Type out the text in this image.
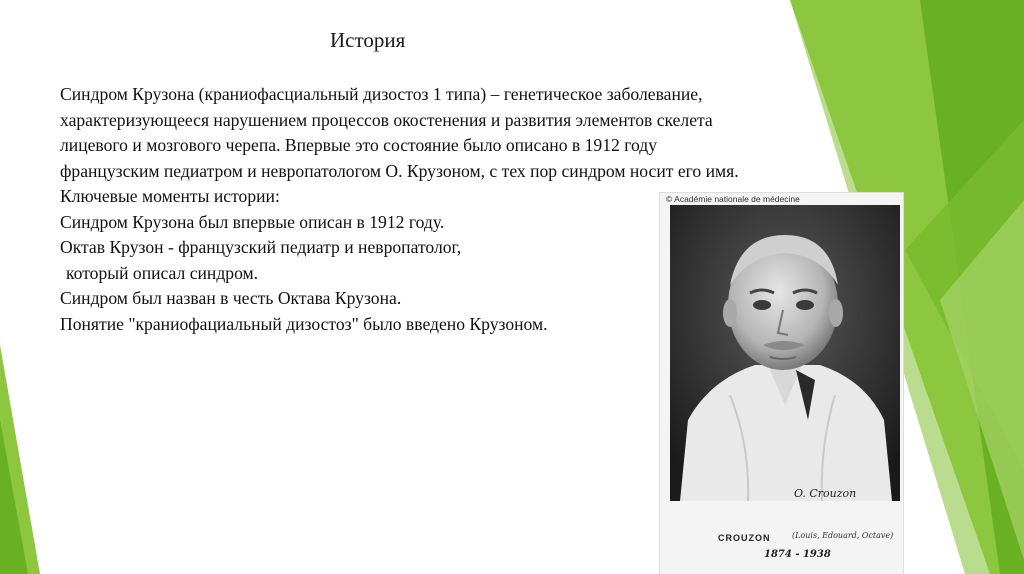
История

Синдром Крузона (краниофасциальный дизостоз 1 типа) – генетическое заболевание,

характеризующееся нарушением процессов окостенения и развития элементов скелета

лицевого и мозгового черепа. Впервые это состояние было описано в 1912 году

французским педиатром и невропатологом О. Крузоном, с тех пор синдром носит его имя.

Ключевые моменты истории:

Синдром Крузона был впервые описан в 1912 году.

Октав Крузон - французский педиатр и невропатолог,

который описал синдром.

Синдром был назван в честь Октава Крузона.

Понятие "краниофациальный дизостоз" было введено Крузоном.

© Académie nationale de médecine
O. Crouzon
CROUZON	(Louis, Edouard, Octave)
1874 - 1938
